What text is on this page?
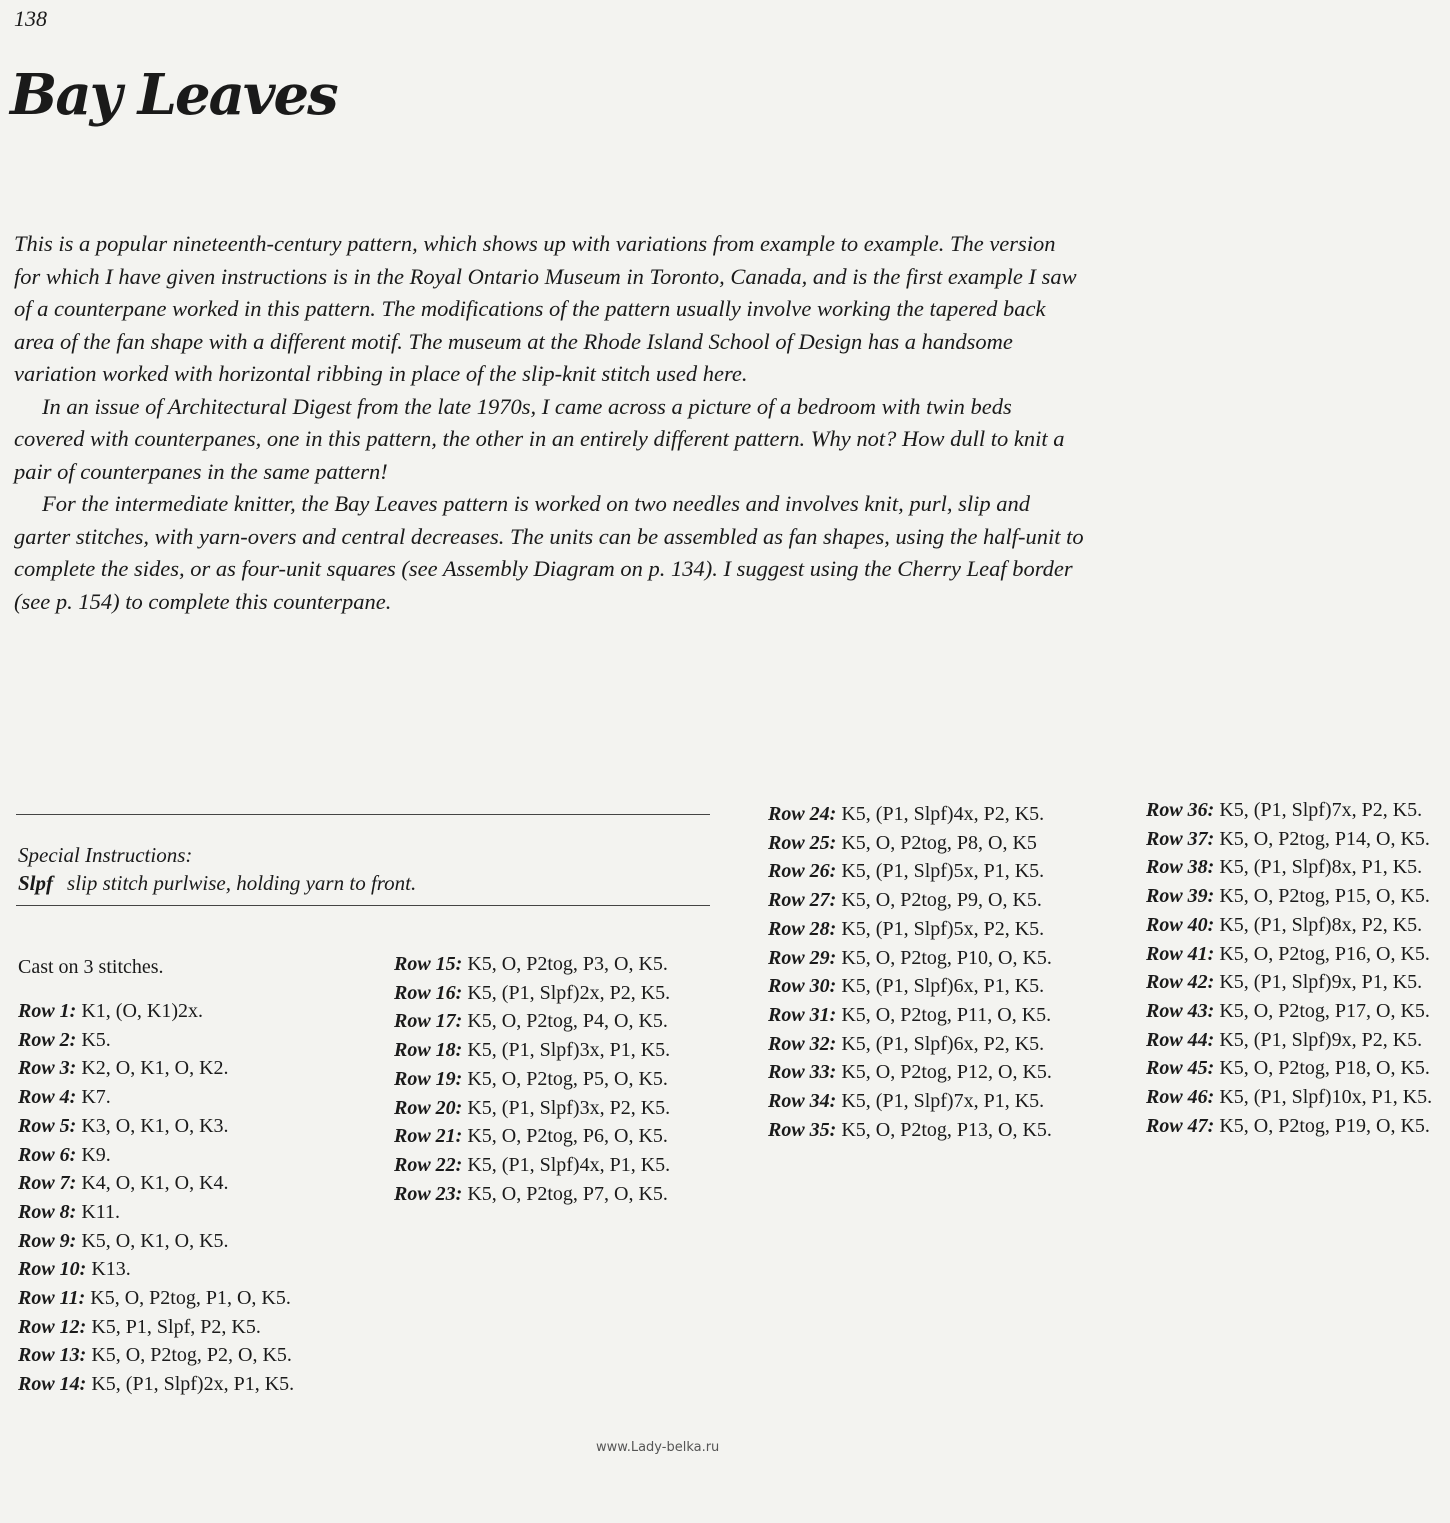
138
Bay Leaves

This is a popular nineteenth-century pattern, which shows up with variations from example to example. The version for which I have given instructions is in the Royal Ontario Museum in Toronto, Canada, and is the first example I saw of a counterpane worked in this pattern. The modifications of the pattern usually involve working the tapered back area of the fan shape with a different motif. The museum at the Rhode Island School of Design has a handsome variation worked with horizontal ribbing in place of the slip-knit stitch used here.

In an issue of Architectural Digest from the late 1970s, I came across a picture of a bedroom with twin beds covered with counterpanes, one in this pattern, the other in an entirely different pattern. Why not? How dull to knit a pair of counterpanes in the same pattern!

For the intermediate knitter, the Bay Leaves pattern is worked on two needles and involves knit, purl, slip and garter stitches, with yarn-overs and central decreases. The units can be assembled as fan shapes, using the half-unit to complete the sides, or as four-unit squares (see Assembly Diagram on p. 134). I suggest using the Cherry Leaf border (see p. 154) to complete this counterpane.

Special Instructions:
Slpf slip stitch purlwise, holding yarn to front.
Cast on 3 stitches.

Row 1: K1, (O, K1)2x.

Row 2: K5.

Row 3: K2, O, K1, O, K2.

Row 4: K7.

Row 5: K3, O, K1, O, K3.

Row 6: K9.

Row 7: K4, O, K1, O, K4.

Row 8: K11.

Row 9: K5, O, K1, O, K5.

Row 10: K13.

Row 11: K5, O, P2tog, P1, O, K5.

Row 12: K5, P1, Slpf, P2, K5.

Row 13: K5, O, P2tog, P2, O, K5.

Row 14: K5, (P1, Slpf)2x, P1, K5.

Row 15: K5, O, P2tog, P3, O, K5.

Row 16: K5, (P1, Slpf)2x, P2, K5.

Row 17: K5, O, P2tog, P4, O, K5.

Row 18: K5, (P1, Slpf)3x, P1, K5.

Row 19: K5, O, P2tog, P5, O, K5.

Row 20: K5, (P1, Slpf)3x, P2, K5.

Row 21: K5, O, P2tog, P6, O, K5.

Row 22: K5, (P1, Slpf)4x, P1, K5.

Row 23: K5, O, P2tog, P7, O, K5.

Row 24: K5, (P1, Slpf)4x, P2, K5.

Row 25: K5, O, P2tog, P8, O, K5

Row 26: K5, (P1, Slpf)5x, P1, K5.

Row 27: K5, O, P2tog, P9, O, K5.

Row 28: K5, (P1, Slpf)5x, P2, K5.

Row 29: K5, O, P2tog, P10, O, K5.

Row 30: K5, (P1, Slpf)6x, P1, K5.

Row 31: K5, O, P2tog, P11, O, K5.

Row 32: K5, (P1, Slpf)6x, P2, K5.

Row 33: K5, O, P2tog, P12, O, K5.

Row 34: K5, (P1, Slpf)7x, P1, K5.

Row 35: K5, O, P2tog, P13, O, K5.

Row 36: K5, (P1, Slpf)7x, P2, K5.

Row 37: K5, O, P2tog, P14, O, K5.

Row 38: K5, (P1, Slpf)8x, P1, K5.

Row 39: K5, O, P2tog, P15, O, K5.

Row 40: K5, (P1, Slpf)8x, P2, K5.

Row 41: K5, O, P2tog, P16, O, K5.

Row 42: K5, (P1, Slpf)9x, P1, K5.

Row 43: K5, O, P2tog, P17, O, K5.

Row 44: K5, (P1, Slpf)9x, P2, K5.

Row 45: K5, O, P2tog, P18, O, K5.

Row 46: K5, (P1, Slpf)10x, P1, K5.

Row 47: K5, O, P2tog, P19, O, K5.

www.Lady-belka.ru
